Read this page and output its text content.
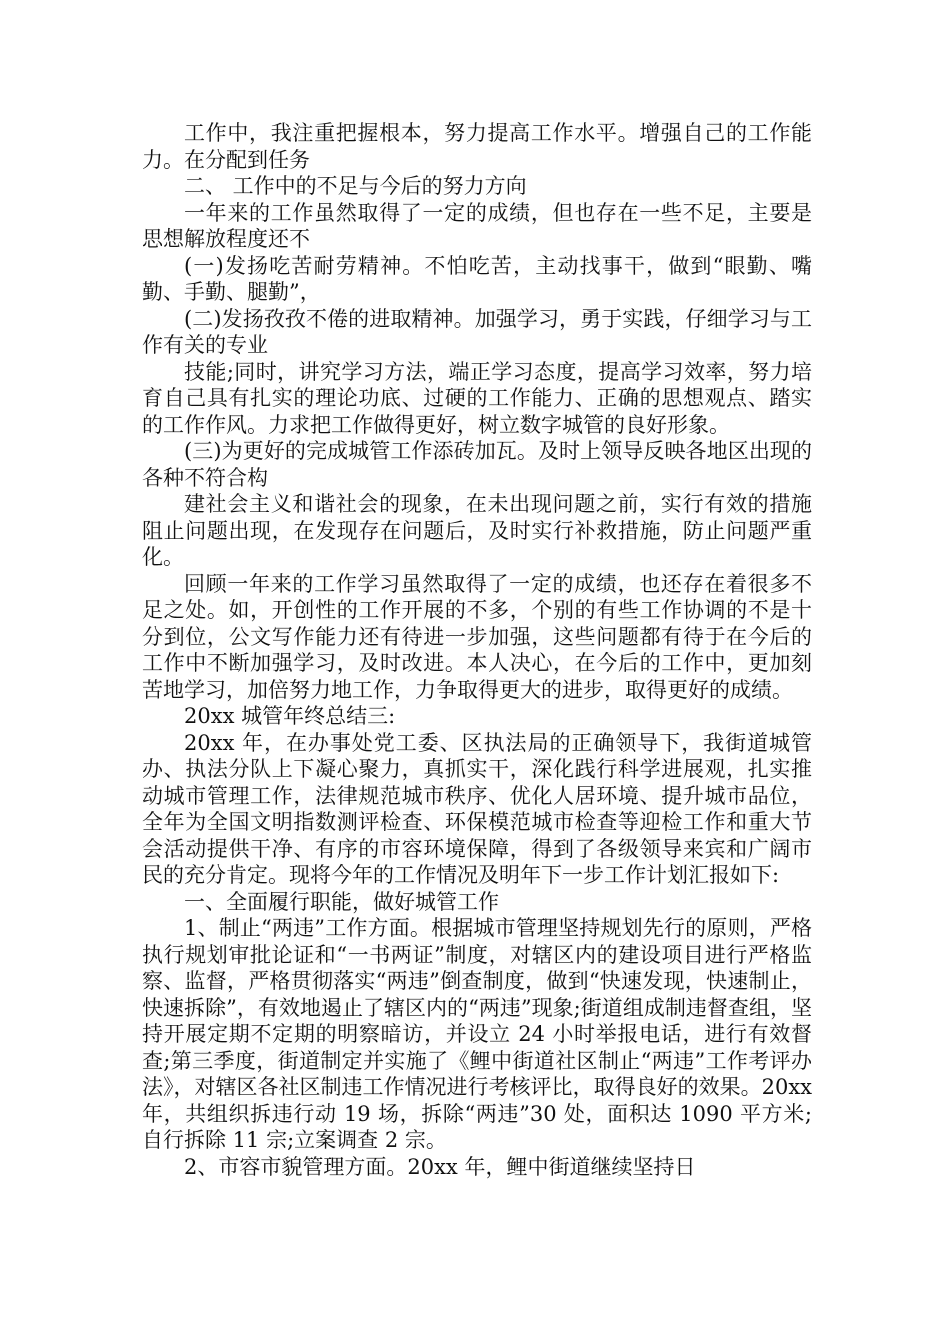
工作中，我注重把握根本，努力提高工作水平。增强自己的工作能力。在分配到任务

二、 工作中的不足与今后的努力方向

一年来的工作虽然取得了一定的成绩，但也存在一些不足，主要是思想解放程度还不

(一)发扬吃苦耐劳精神。不怕吃苦，主动找事干，做到“眼勤、嘴勤、手勤、腿勤”，

(二)发扬孜孜不倦的进取精神。加强学习，勇于实践，仔细学习与工作有关的专业

技能;同时，讲究学习方法，端正学习态度，提高学习效率，努力培育自己具有扎实的理论功底、过硬的工作能力、正确的思想观点、踏实的工作作风。力求把工作做得更好，树立数字城管的良好形象。

(三)为更好的完成城管工作添砖加瓦。及时上领导反映各地区出现的各种不符合构

建社会主义和谐社会的现象，在未出现问题之前，实行有效的措施阻止问题出现，在发现存在问题后，及时实行补救措施，防止问题严重化。

回顾一年来的工作学习虽然取得了一定的成绩，也还存在着很多不足之处。如，开创性的工作开展的不多，个别的有些工作协调的不是十分到位，公文写作能力还有待进一步加强，这些问题都有待于在今后的工作中不断加强学习，及时改进。本人决心，在今后的工作中，更加刻苦地学习，加倍努力地工作，力争取得更大的进步，取得更好的成绩。

20xx 城管年终总结三:

20xx 年，在办事处党工委、区执法局的正确领导下，我街道城管办、执法分队上下凝心聚力，真抓实干，深化践行科学进展观，扎实推动城市管理工作，法律规范城市秩序、优化人居环境、提升城市品位，全年为全国文明指数测评检查、环保模范城市检查等迎检工作和重大节会活动提供干净、有序的市容环境保障，得到了各级领导来宾和广阔市民的充分肯定。现将今年的工作情况及明年下一步工作计划汇报如下:

一、全面履行职能，做好城管工作

1、制止“两违”工作方面。根据城市管理坚持规划先行的原则，严格执行规划审批论证和“一书两证”制度，对辖区内的建设项目进行严格监察、监督，严格贯彻落实“两违”倒查制度，做到“快速发现，快速制止，快速拆除”，有效地遏止了辖区内的“两违”现象;街道组成制违督查组，坚持开展定期不定期的明察暗访，并设立 24 小时举报电话，进行有效督查;第三季度，街道制定并实施了《鲤中街道社区制止“两违”工作考评办法》，对辖区各社区制违工作情况进行考核评比，取得良好的效果。20xx 年，共组织拆违行动 19 场，拆除“两违”30 处，面积达 1090 平方米;自行拆除 11 宗;立案调查 2 宗。

2、市容市貌管理方面。20xx 年，鲤中街道继续坚持日
